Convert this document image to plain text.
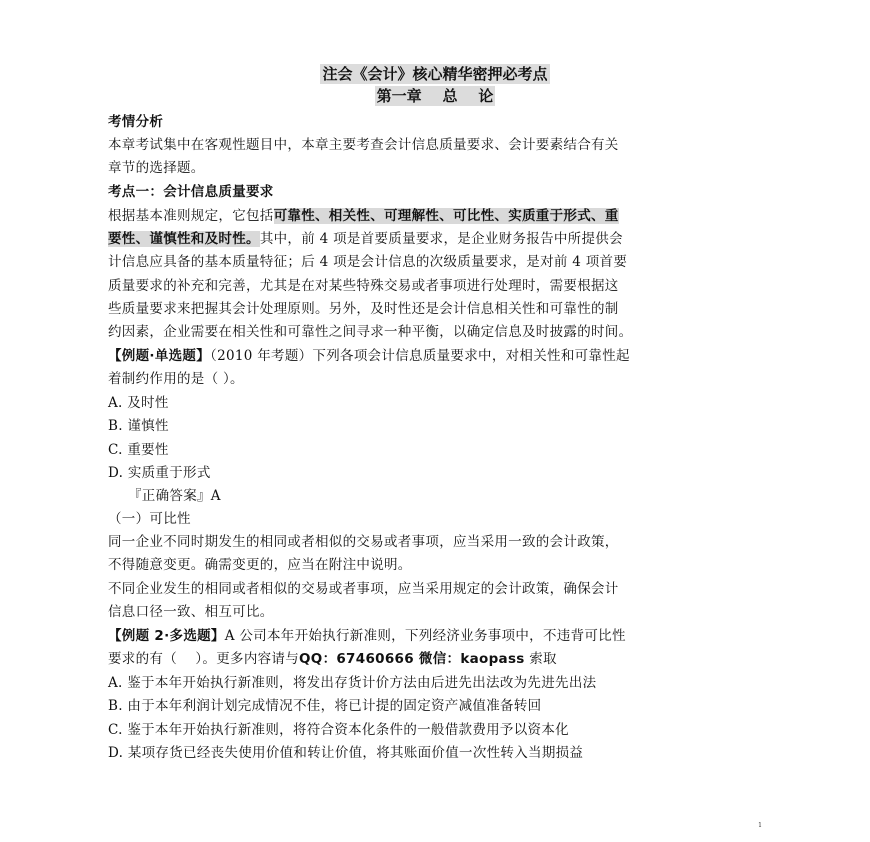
注会《会计》核心精华密押必考点
第一章    总    论
考情分析
本章考试集中在客观性题目中，本章主要考查会计信息质量要求、会计要素结合有关
章节的选择题。
考点一：会计信息质量要求
根据基本准则规定，它包括可靠性、相关性、可理解性、可比性、实质重于形式、重
要性、谨慎性和及时性。其中，前 4 项是首要质量要求，是企业财务报告中所提供会
计信息应具备的基本质量特征；后 4 项是会计信息的次级质量要求，是对前 4 项首要
质量要求的补充和完善，尤其是在对某些特殊交易或者事项进行处理时，需要根据这
些质量要求来把握其会计处理原则。另外，及时性还是会计信息相关性和可靠性的制
约因素，企业需要在相关性和可靠性之间寻求一种平衡，以确定信息及时披露的时间。
【例题·单选题】（2010 年考题）下列各项会计信息质量要求中，对相关性和可靠性起
着制约作用的是（ ）。
A. 及时性
B. 谨慎性
C. 重要性
D. 实质重于形式
『正确答案』A
（一）可比性
同一企业不同时期发生的相同或者相似的交易或者事项，应当采用一致的会计政策，
不得随意变更。确需变更的，应当在附注中说明。
不同企业发生的相同或者相似的交易或者事项，应当采用规定的会计政策，确保会计
信息口径一致、相互可比。
【例题 2·多选题】A 公司本年开始执行新准则，下列经济业务事项中，不违背可比性
要求的有（    ）。更多内容请与QQ：67460666 微信：kaopass 索取
A. 鉴于本年开始执行新准则，将发出存货计价方法由后进先出法改为先进先出法
B. 由于本年利润计划完成情况不佳，将已计提的固定资产减值准备转回
C. 鉴于本年开始执行新准则，将符合资本化条件的一般借款费用予以资本化
D. 某项存货已经丧失使用价值和转让价值，将其账面价值一次性转入当期损益
1
